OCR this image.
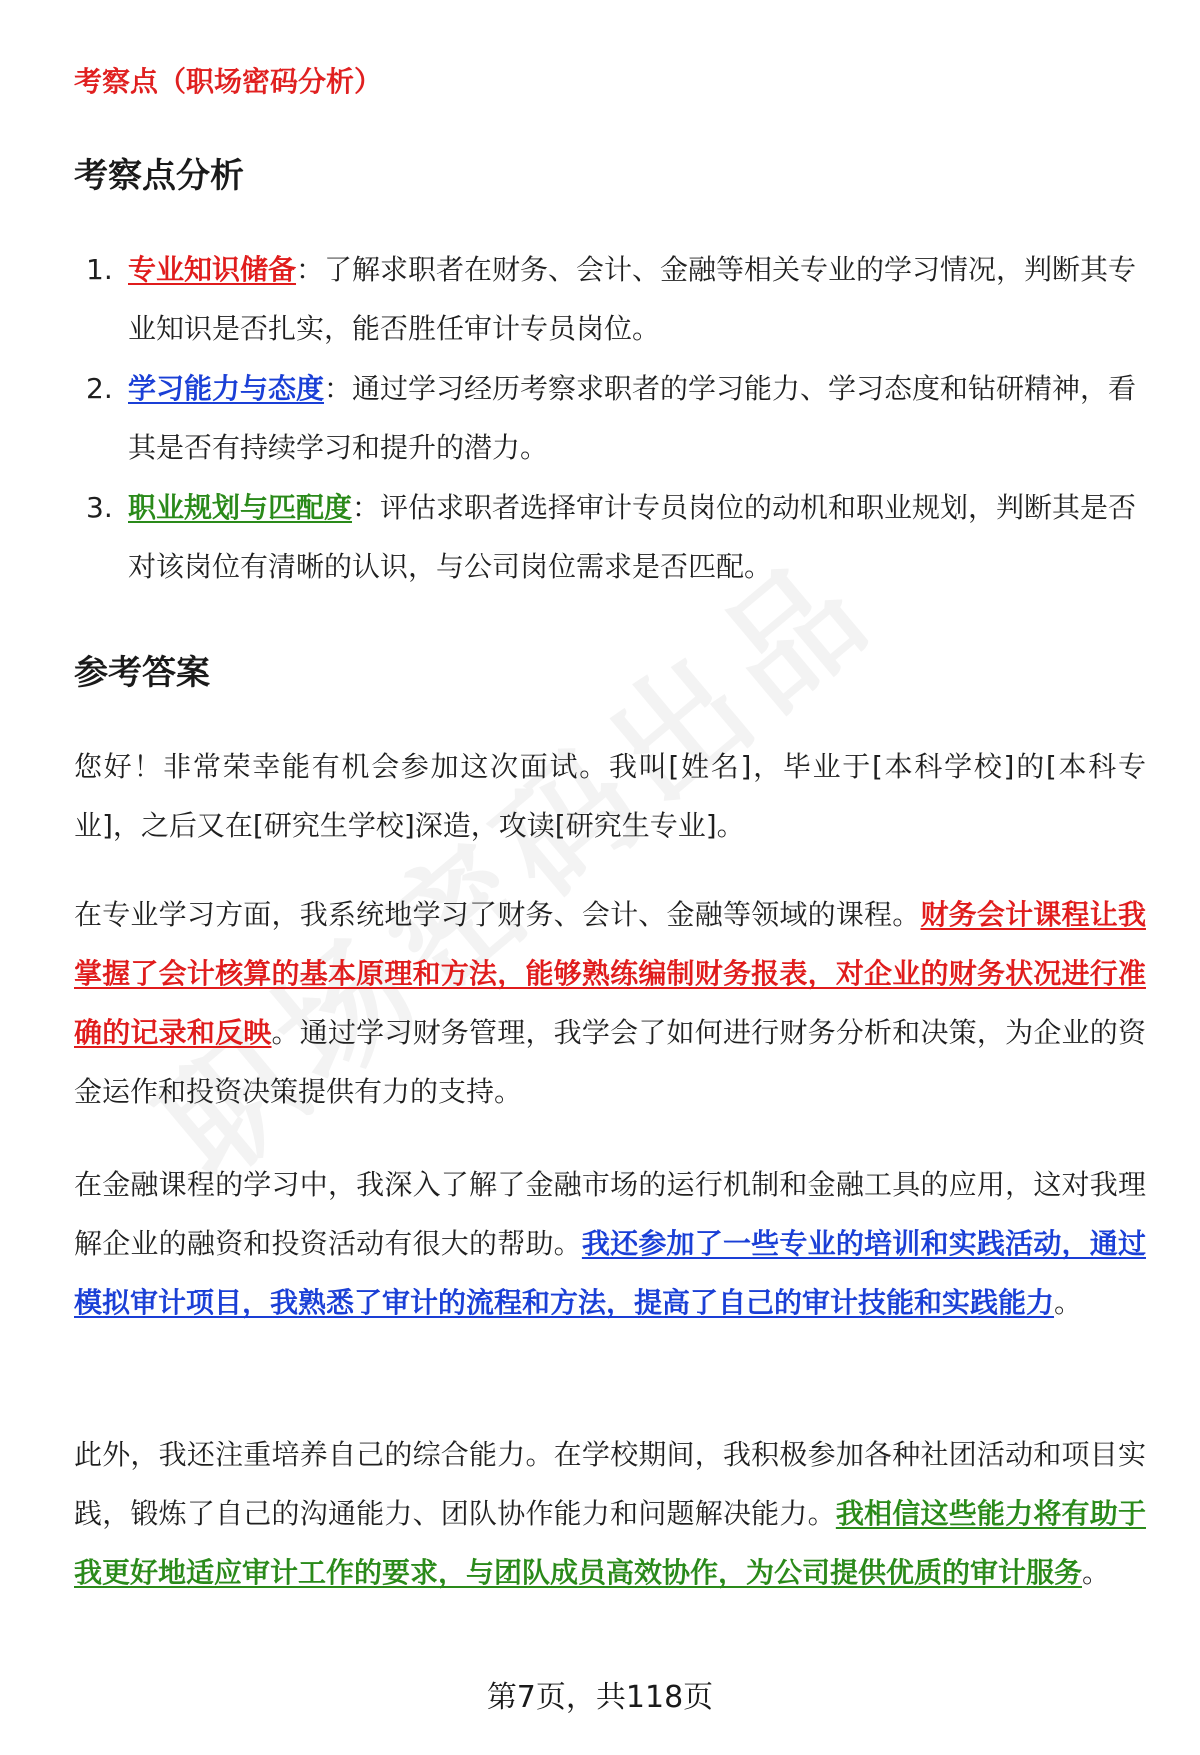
考察点（职场密码分析）
考察点分析
1. 专业知识储备：了解求职者在财务、会计、金融等相关专业的学习情况，判断其专业知识是否扎实，能否胜任审计专员岗位。
2. 学习能力与态度：通过学习经历考察求职者的学习能力、学习态度和钻研精神，看其是否有持续学习和提升的潜力。
3. 职业规划与匹配度：评估求职者选择审计专员岗位的动机和职业规划，判断其是否对该岗位有清晰的认识，与公司岗位需求是否匹配。
参考答案

您好！非常荣幸能有机会参加这次面试。我叫[姓名]，毕业于[本科学校]的[本科专业]，之后又在[研究生学校]深造，攻读[研究生专业]。

在专业学习方面，我系统地学习了财务、会计、金融等领域的课程。财务会计课程让我掌握了会计核算的基本原理和方法，能够熟练编制财务报表，对企业的财务状况进行准确的记录和反映。通过学习财务管理，我学会了如何进行财务分析和决策，为企业的资金运作和投资决策提供有力的支持。

在金融课程的学习中，我深入了解了金融市场的运行机制和金融工具的应用，这对我理解企业的融资和投资活动有很大的帮助。我还参加了一些专业的培训和实践活动，通过模拟审计项目，我熟悉了审计的流程和方法，提高了自己的审计技能和实践能力。

此外，我还注重培养自己的综合能力。在学校期间，我积极参加各种社团活动和项目实践，锻炼了自己的沟通能力、团队协作能力和问题解决能力。我相信这些能力将有助于我更好地适应审计工作的要求，与团队成员高效协作，为公司提供优质的审计服务。

第7页，共118页
